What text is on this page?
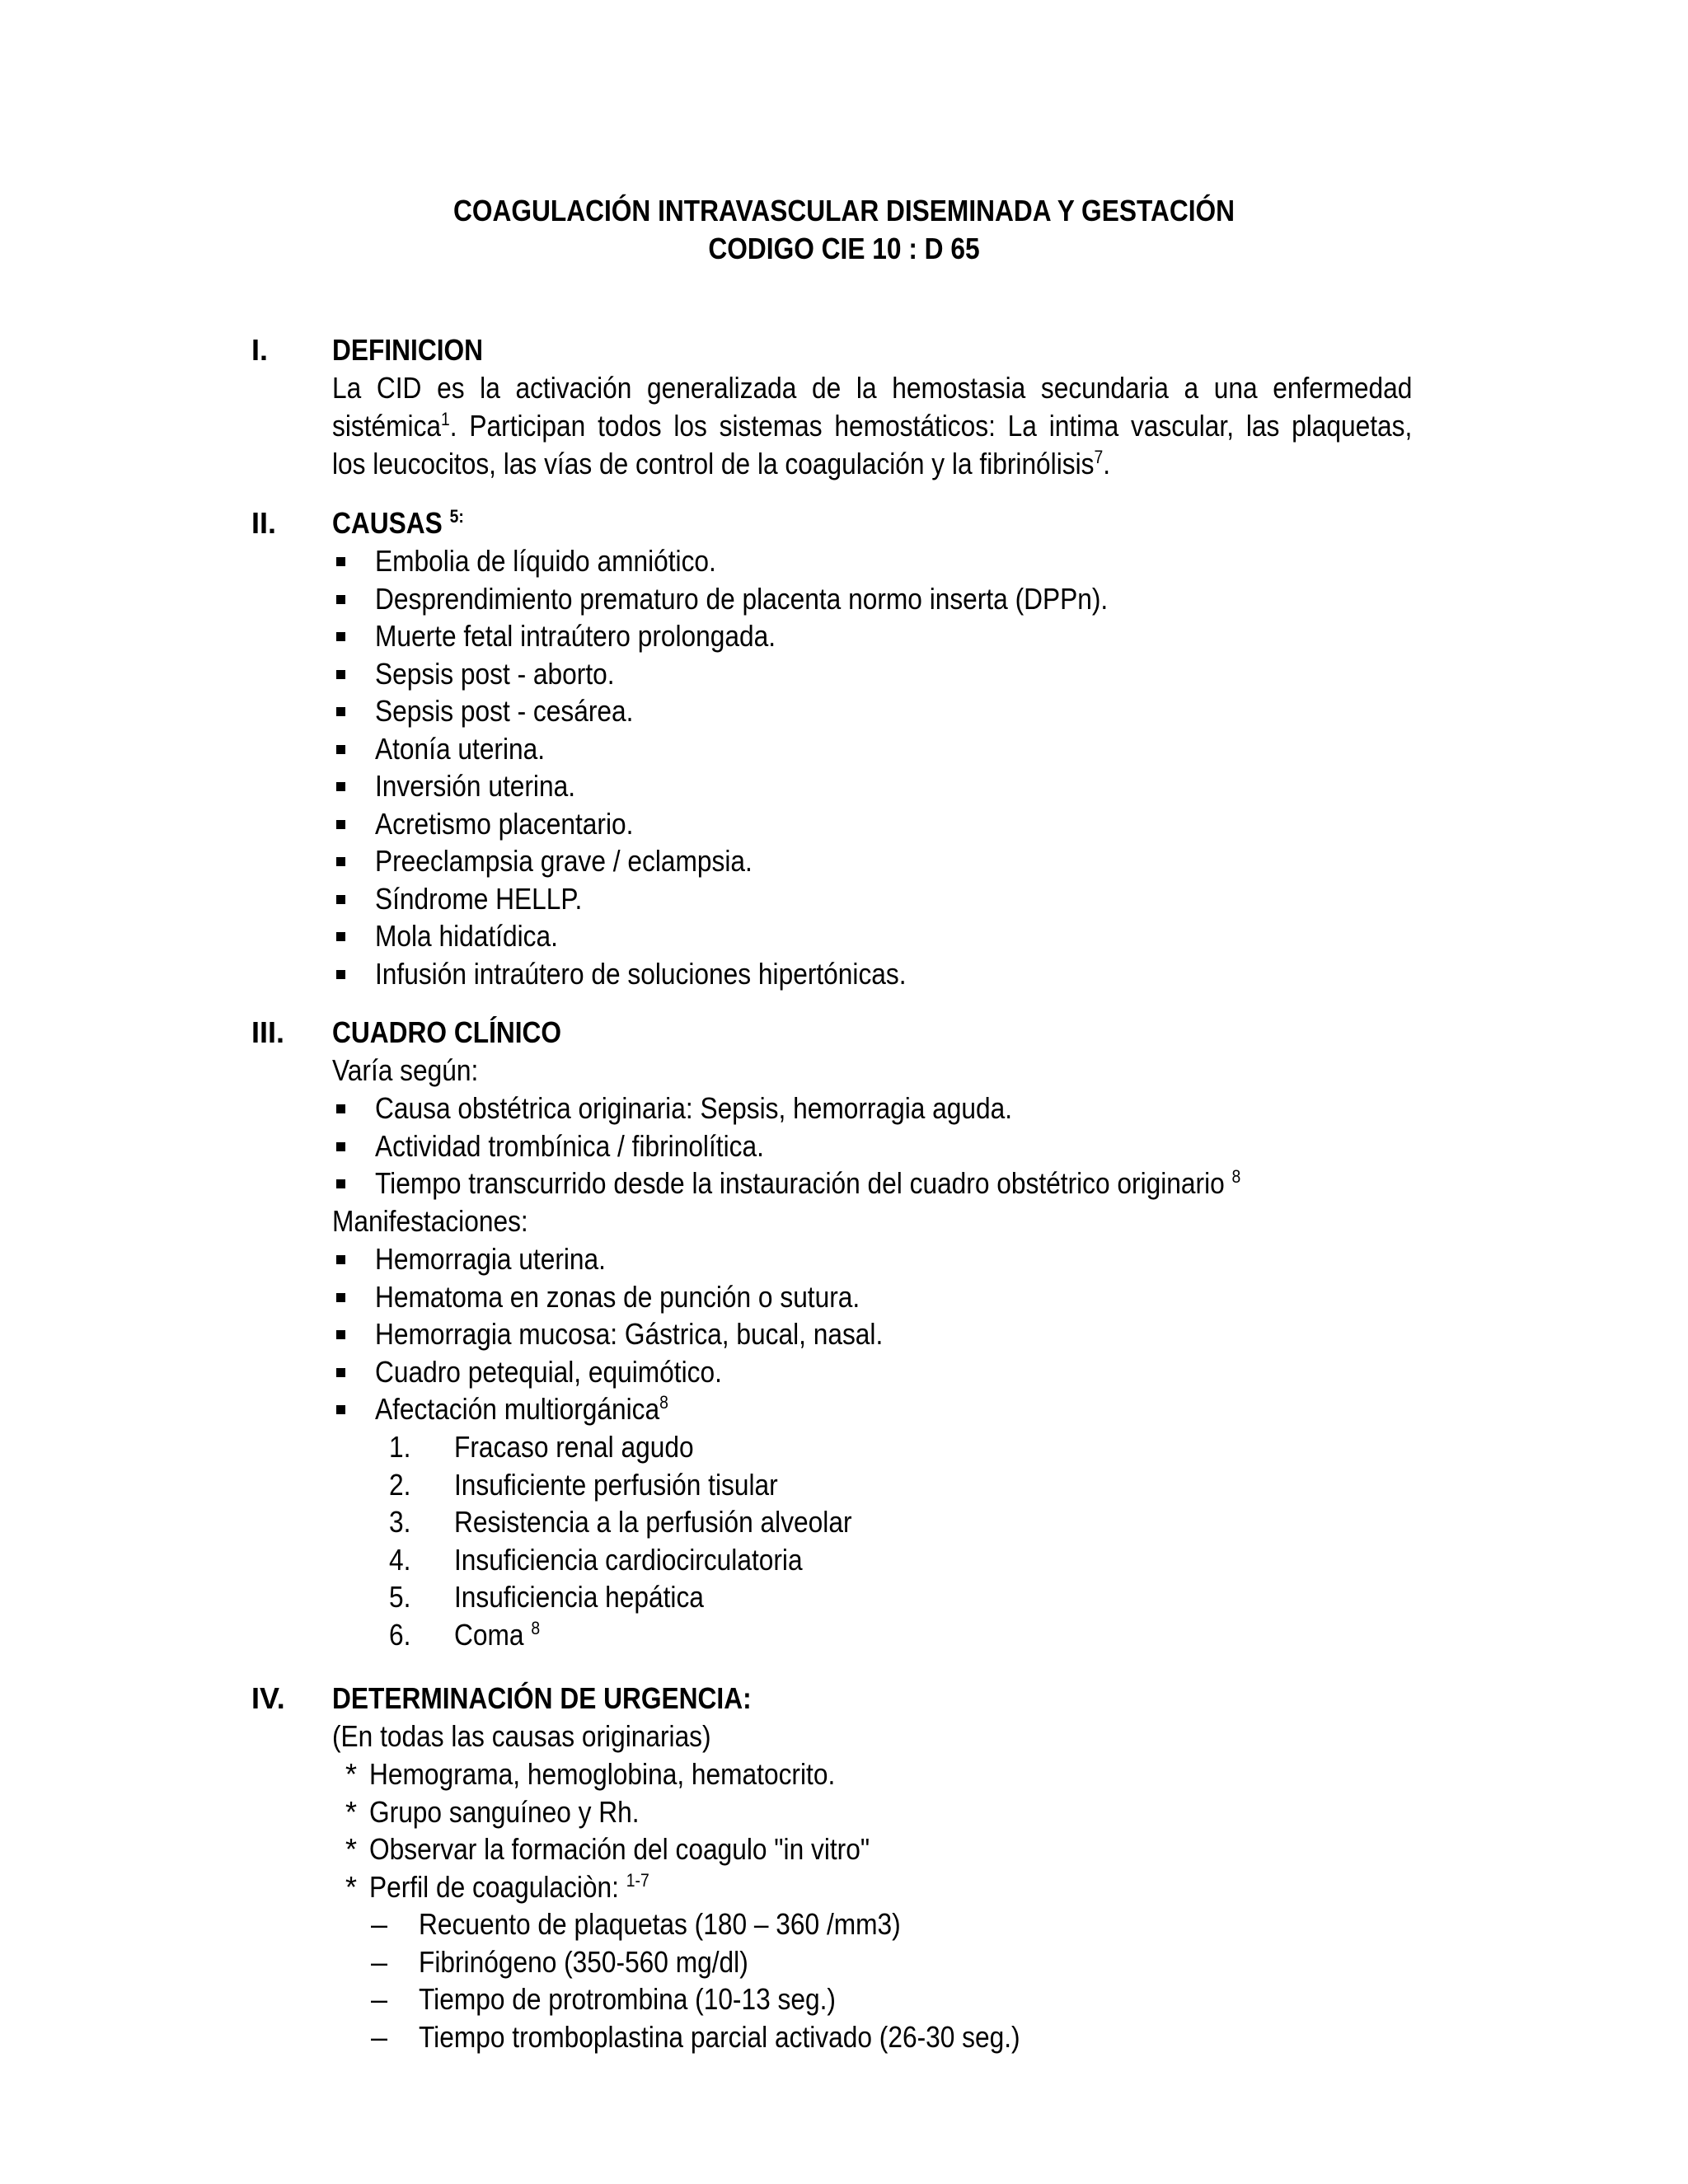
COAGULACIÓN INTRAVASCULAR DISEMINADA Y GESTACIÓN
CODIGO CIE 10 : D 65
I. DEFINICION
La CID es la activación generalizada de la hemostasia secundaria a una enfermedad
sistémica$^1$. Participan todos los sistemas hemostáticos: La intima vascular, las plaquetas,
los leucocitos, las vías de control de la coagulación y la fibrinólisis$^7$.
II. CAUSAS $^{5:}$
Embolia de líquido amniótico.
Desprendimiento prematuro de placenta normo inserta (DPPn).
Muerte fetal intraútero prolongada.
Sepsis post - aborto.
Sepsis post - cesárea.
Atonía uterina.
Inversión uterina.
Acretismo placentario.
Preeclampsia grave / eclampsia.
Síndrome HELLP.
Mola hidatídica.
Infusión intraútero de soluciones hipertónicas.
III. CUADRO CLÍNICO
Varía según:
Causa obstétrica originaria: Sepsis, hemorragia aguda.
Actividad trombínica / fibrinolítica.
Tiempo transcurrido desde la instauración del cuadro obstétrico originario $^8$
Manifestaciones:
Hemorragia uterina.
Hematoma en zonas de punción o sutura.
Hemorragia mucosa: Gástrica, bucal, nasal.
Cuadro petequial, equimótico.
Afectación multiorgánica$^8$
1. Fracaso renal agudo
2. Insuficiente perfusión tisular
3. Resistencia a la perfusión alveolar
4. Insuficiencia cardiocirculatoria
5. Insuficiencia hepática
6. Coma $^8$
IV. DETERMINACIÓN DE URGENCIA:
(En todas las causas originarias)
* Hemograma, hemoglobina, hematocrito.
* Grupo sanguíneo y Rh.
* Observar la formación del coagulo "in vitro"
* Perfil de coagulaciòn: $^{1-7}$
– Recuento de plaquetas (180 – 360 /mm3)
– Fibrinógeno (350-560 mg/dl)
– Tiempo de protrombina (10-13 seg.)
– Tiempo tromboplastina parcial activado (26-30 seg.)
